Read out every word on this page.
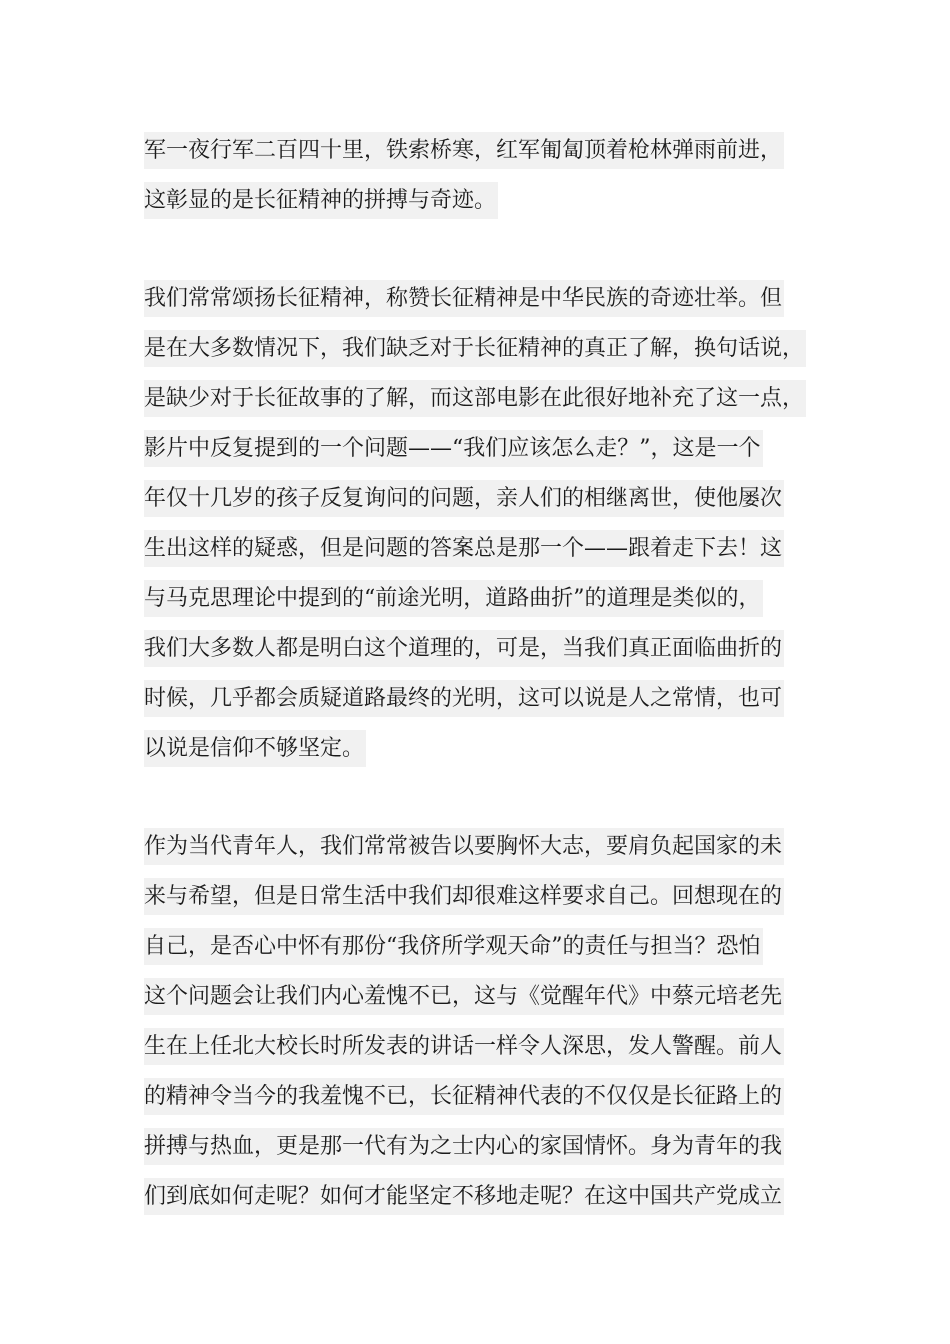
军一夜行军二百四十里，铁索桥寒，红军匍匐顶着枪林弹雨前进，
这彰显的是长征精神的拼搏与奇迹。
我们常常颂扬长征精神，称赞长征精神是中华民族的奇迹壮举。但
是在大多数情况下，我们缺乏对于长征精神的真正了解，换句话说，
是缺少对于长征故事的了解，而这部电影在此很好地补充了这一点，
影片中反复提到的一个问题——“我们应该怎么走？”，这是一个
年仅十几岁的孩子反复询问的问题，亲人们的相继离世，使他屡次
生出这样的疑惑，但是问题的答案总是那一个——跟着走下去！这
与马克思理论中提到的“前途光明，道路曲折”的道理是类似的，
我们大多数人都是明白这个道理的，可是，当我们真正面临曲折的
时候，几乎都会质疑道路最终的光明，这可以说是人之常情，也可
以说是信仰不够坚定。
作为当代青年人，我们常常被告以要胸怀大志，要肩负起国家的未
来与希望，但是日常生活中我们却很难这样要求自己。回想现在的
自己，是否心中怀有那份“我侪所学观天命”的责任与担当？恐怕
这个问题会让我们内心羞愧不已，这与《觉醒年代》中蔡元培老先
生在上任北大校长时所发表的讲话一样令人深思，发人警醒。前人
的精神令当今的我羞愧不已，长征精神代表的不仅仅是长征路上的
拼搏与热血，更是那一代有为之士内心的家国情怀。身为青年的我
们到底如何走呢？如何才能坚定不移地走呢？在这中国共产党成立
